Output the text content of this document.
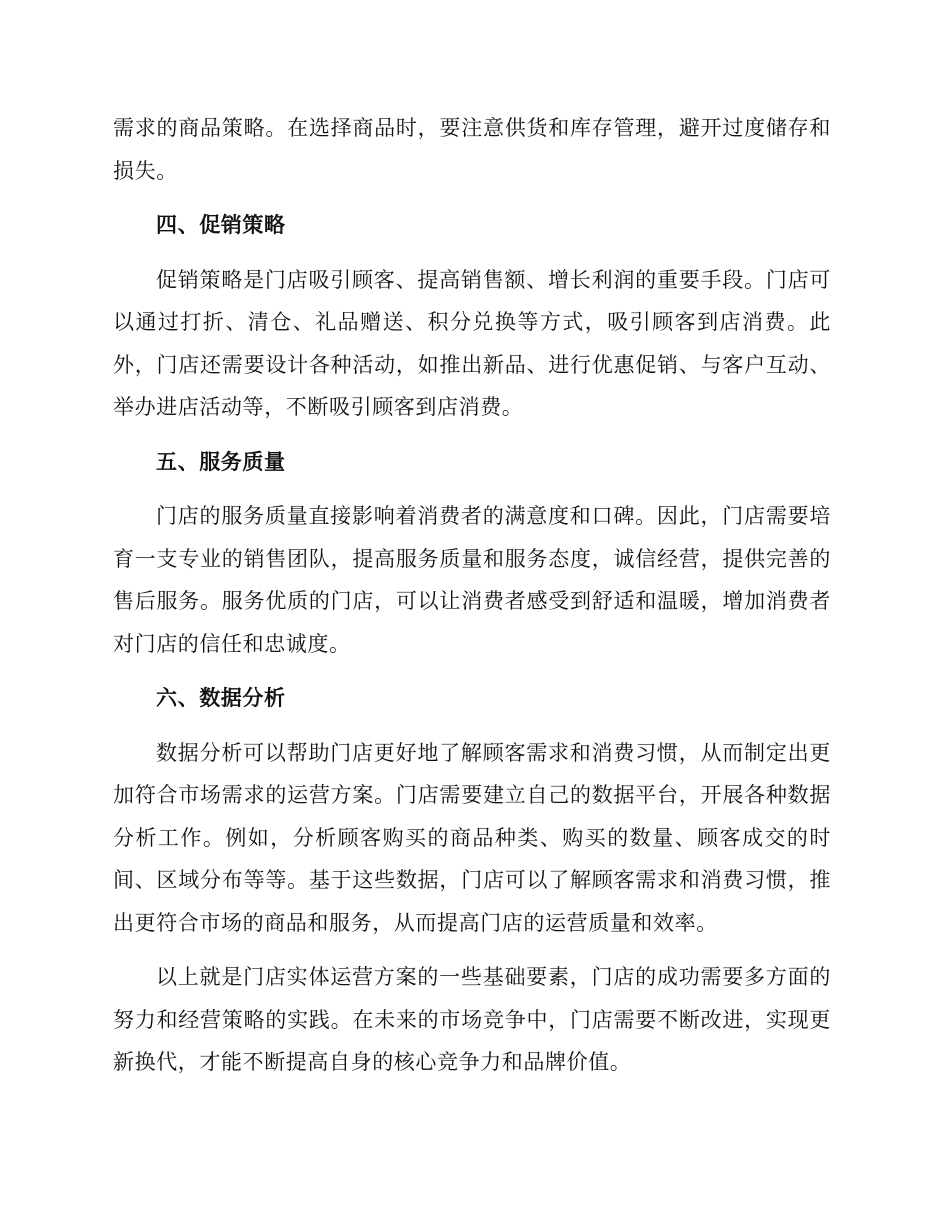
需求的商品策略。在选择商品时，要注意供货和库存管理，避开过度储存和损失。

四、促销策略

促销策略是门店吸引顾客、提高销售额、增长利润的重要手段。门店可以通过打折、清仓、礼品赠送、积分兑换等方式，吸引顾客到店消费。此外，门店还需要设计各种活动，如推出新品、进行优惠促销、与客户互动、举办进店活动等，不断吸引顾客到店消费。

五、服务质量

门店的服务质量直接影响着消费者的满意度和口碑。因此，门店需要培育一支专业的销售团队，提高服务质量和服务态度，诚信经营，提供完善的售后服务。服务优质的门店，可以让消费者感受到舒适和温暖，增加消费者对门店的信任和忠诚度。

六、数据分析

数据分析可以帮助门店更好地了解顾客需求和消费习惯，从而制定出更加符合市场需求的运营方案。门店需要建立自己的数据平台，开展各种数据分析工作。例如，分析顾客购买的商品种类、购买的数量、顾客成交的时间、区域分布等等。基于这些数据，门店可以了解顾客需求和消费习惯，推出更符合市场的商品和服务，从而提高门店的运营质量和效率。

以上就是门店实体运营方案的一些基础要素，门店的成功需要多方面的努力和经营策略的实践。在未来的市场竞争中，门店需要不断改进，实现更新换代，才能不断提高自身的核心竞争力和品牌价值。
